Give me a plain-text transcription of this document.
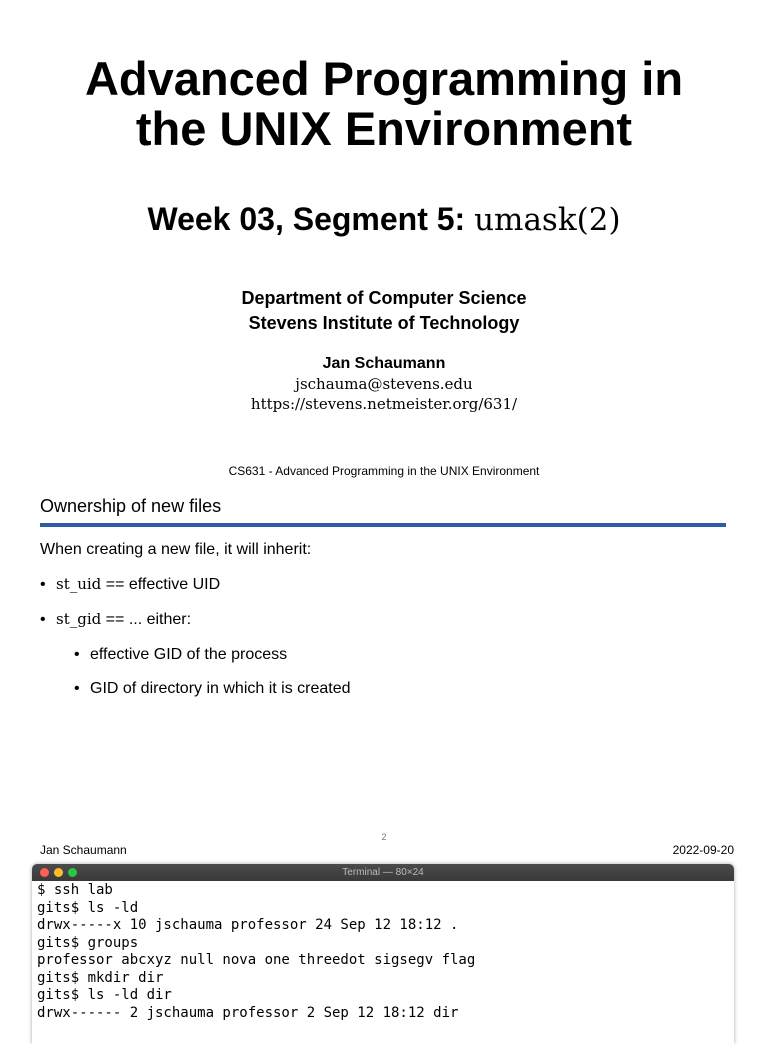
Advanced Programming in
the UNIX Environment
Week 03, Segment 5: umask(2)
Department of Computer Science
Stevens Institute of Technology
Jan Schaumann
jschauma@stevens.edu
https://stevens.netmeister.org/631/
CS631 - Advanced Programming in the UNIX Environment
Ownership of new files
When creating a new file, it will inherit:
• st_uid == effective UID
• st_gid == ... either:
• effective GID of the process
• GID of directory in which it is created
2
Jan Schaumann	2022-09-20
Terminal — 80×24
$ ssh lab
gits$ ls -ld
drwx-----x 10 jschauma professor 24 Sep 12 18:12 .
gits$ groups
professor abcxyz null nova one threedot sigsegv flag
gits$ mkdir dir
gits$ ls -ld dir
drwx------ 2 jschauma professor 2 Sep 12 18:12 dir
